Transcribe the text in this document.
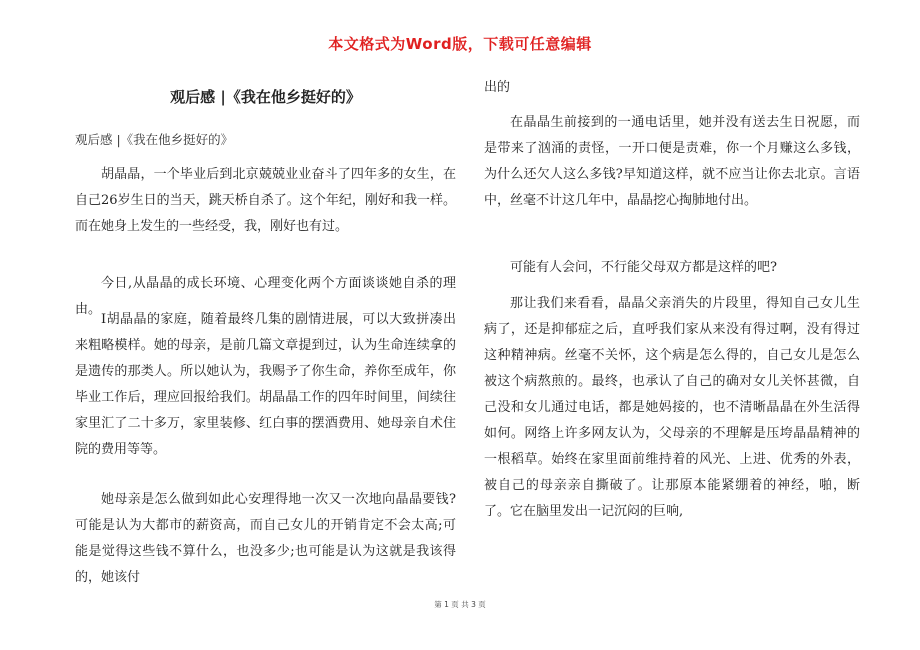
本文格式为Word版，下载可任意编辑
观后感 |《我在他乡挺好的》
观后感 |《我在他乡挺好的》

胡晶晶，一个毕业后到北京兢兢业业奋斗了四年多的女生，在自己26岁生日的当天，跳天桥自杀了。这个年纪，刚好和我一样。而在她身上发生的一些经受，我，刚好也有过。

今日,从晶晶的成长环境、心理变化两个方面谈谈她自杀的理由。

Ⅰ胡晶晶的家庭，随着最终几集的剧情进展，可以大致拼凑出来粗略模样。她的母亲，是前几篇文章提到过，认为生命连续拿的是遗传的那类人。所以她认为，我赐予了你生命，养你至成年，你毕业工作后，理应回报给我们。胡晶晶工作的四年时间里，间续往家里汇了二十多万，家里装修、红白事的摆酒费用、她母亲自术住院的费用等等。

她母亲是怎么做到如此心安理得地一次又一次地向晶晶要钱?可能是认为大都市的薪资高，而自己女儿的开销肯定不会太高;可能是觉得这些钱不算什么，也没多少;也可能是认为这就是我该得的，她该付

出的

在晶晶生前接到的一通电话里，她并没有送去生日祝愿，而是带来了汹涌的责怪，一开口便是责难，你一个月赚这么多钱，为什么还欠人这么多钱?早知道这样，就不应当让你去北京。言语中，丝毫不计这几年中，晶晶挖心掏肺地付出。

可能有人会问，不行能父母双方都是这样的吧?

那让我们来看看，晶晶父亲消失的片段里，得知自己女儿生病了，还是抑郁症之后，直呼我们家从来没有得过啊，没有得过这种精神病。丝毫不关怀，这个病是怎么得的，自己女儿是怎么被这个病熬煎的。最终，也承认了自己的确对女儿关怀甚微，自己没和女儿通过电话，都是她妈接的，也不清晰晶晶在外生活得如何。网络上许多网友认为，父母亲的不理解是压垮晶晶精神的一根稻草。始终在家里面前维持着的风光、上进、优秀的外表，被自己的母亲亲自撕破了。让那原本能紧绷着的神经，啪，断了。它在脑里发出一记沉闷的巨响,

第 1 页 共 3 页
